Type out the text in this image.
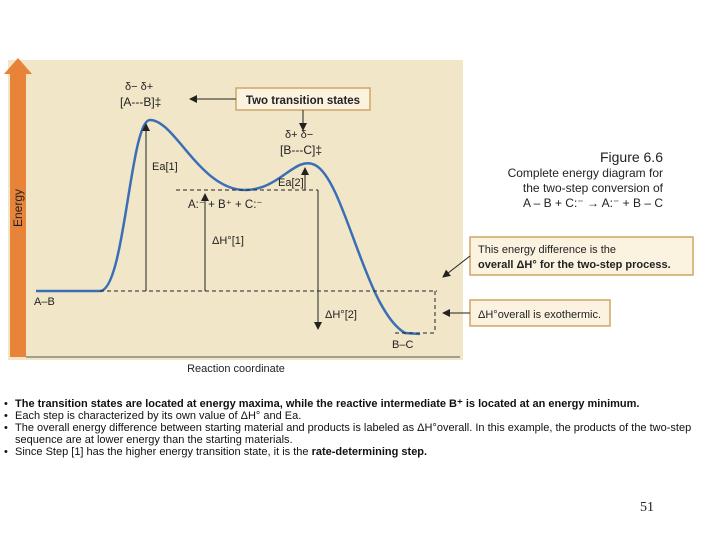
Energy
Reaction coordinate
δ− δ+
[A---B]‡
δ+ δ−
[B---C]‡
Two transition states
Ea[1]
Ea[2]
A:⁻ + B⁺ + C:⁻
ΔH°[1]
ΔH°[2]
A–B
B–C
This energy difference is the
overall ΔH° for the two-step process.
ΔH°overall is exothermic.
Figure 6.6
Complete energy diagram for
the two-step conversion of
A – B + C:⁻ → A:⁻ + B – C
• The transition states are located at energy maxima, while the reactive intermediate B⁺ is located at an energy minimum.
• Each step is characterized by its own value of ΔH° and Ea.
• The overall energy difference between starting material and products is labeled as ΔH°overall. In this example, the products of the two-step sequence are at lower energy than the starting materials.
• Since Step [1] has the higher energy transition state, it is the rate-determining step.
51
